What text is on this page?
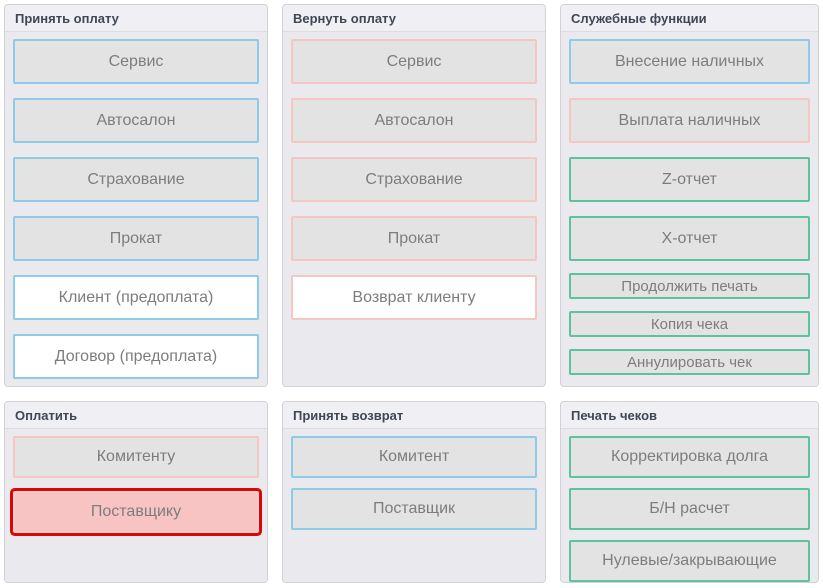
Принять оплату
Сервис
Автосалон
Страхование
Прокат
Клиент (предоплата)
Договор (предоплата)
Вернуть оплату
Сервис
Автосалон
Страхование
Прокат
Возврат клиенту
Служебные функции
Внесение наличных
Выплата наличных
Z-отчет
X-отчет
Продолжить печать
Копия чека
Аннулировать чек
Оплатить
Комитенту
Поставщику
Принять возврат
Комитент
Поставщик
Печать чеков
Корректировка долга
Б/Н расчет
Нулевые/закрывающие
